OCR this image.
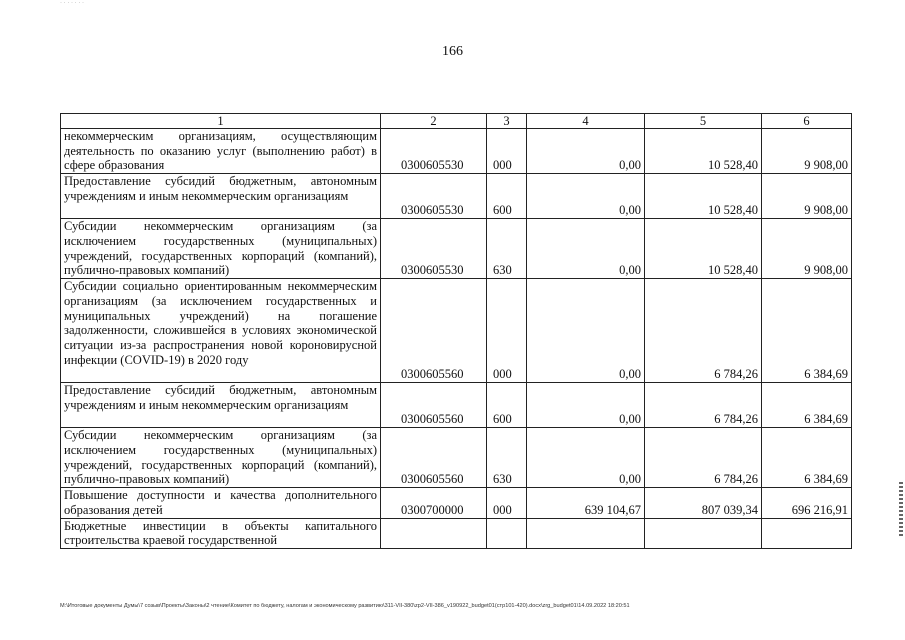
· · · · · · ·
166
1	2	3	4	5	6
некоммерческим организациям, осуществляющим деятельность по оказанию услуг (выполнению работ) в сфере образования	0300605530	000	0,00	10 528,40	9 908,00
Предоставление субсидий бюджетным, автономным учреждениям и иным некоммерческим организациям	0300605530	600	0,00	10 528,40	9 908,00
Субсидии некоммерческим организациям (за исключением государственных (муниципальных) учреждений, государственных корпораций (компаний), публично-правовых компаний)	0300605530	630	0,00	10 528,40	9 908,00
Субсидии социально ориентированным некоммерческим организациям (за исключением государственных и муниципальных учреждений) на погашение задолженности, сложившейся в условиях экономической ситуации из-за распространения новой короновирусной инфекции (COVID-19) в 2020 году	0300605560	000	0,00	6 784,26	6 384,69
Предоставление субсидий бюджетным, автономным учреждениям и иным некоммерческим организациям	0300605560	600	0,00	6 784,26	6 384,69
Субсидии некоммерческим организациям (за исключением государственных (муниципальных) учреждений, государственных корпораций (компаний), публично-правовых компаний)	0300605560	630	0,00	6 784,26	6 384,69
Повышение доступности и качества дополнительного образования детей	0300700000	000	639 104,67	807 039,34	696 216,91
Бюджетные инвестиции в объекты капитального строительства краевой государственной					
M:\Итоговые документы Думы\7 созыв\Проекты\Законы\2 чтение\Комитет по бюджету, налогам и экономическому развитию\311-VII-380\zp2-VII-386_v190922_budget01(стр101-420).docx\zrg_budget01\14.09.2022 18:20:51
